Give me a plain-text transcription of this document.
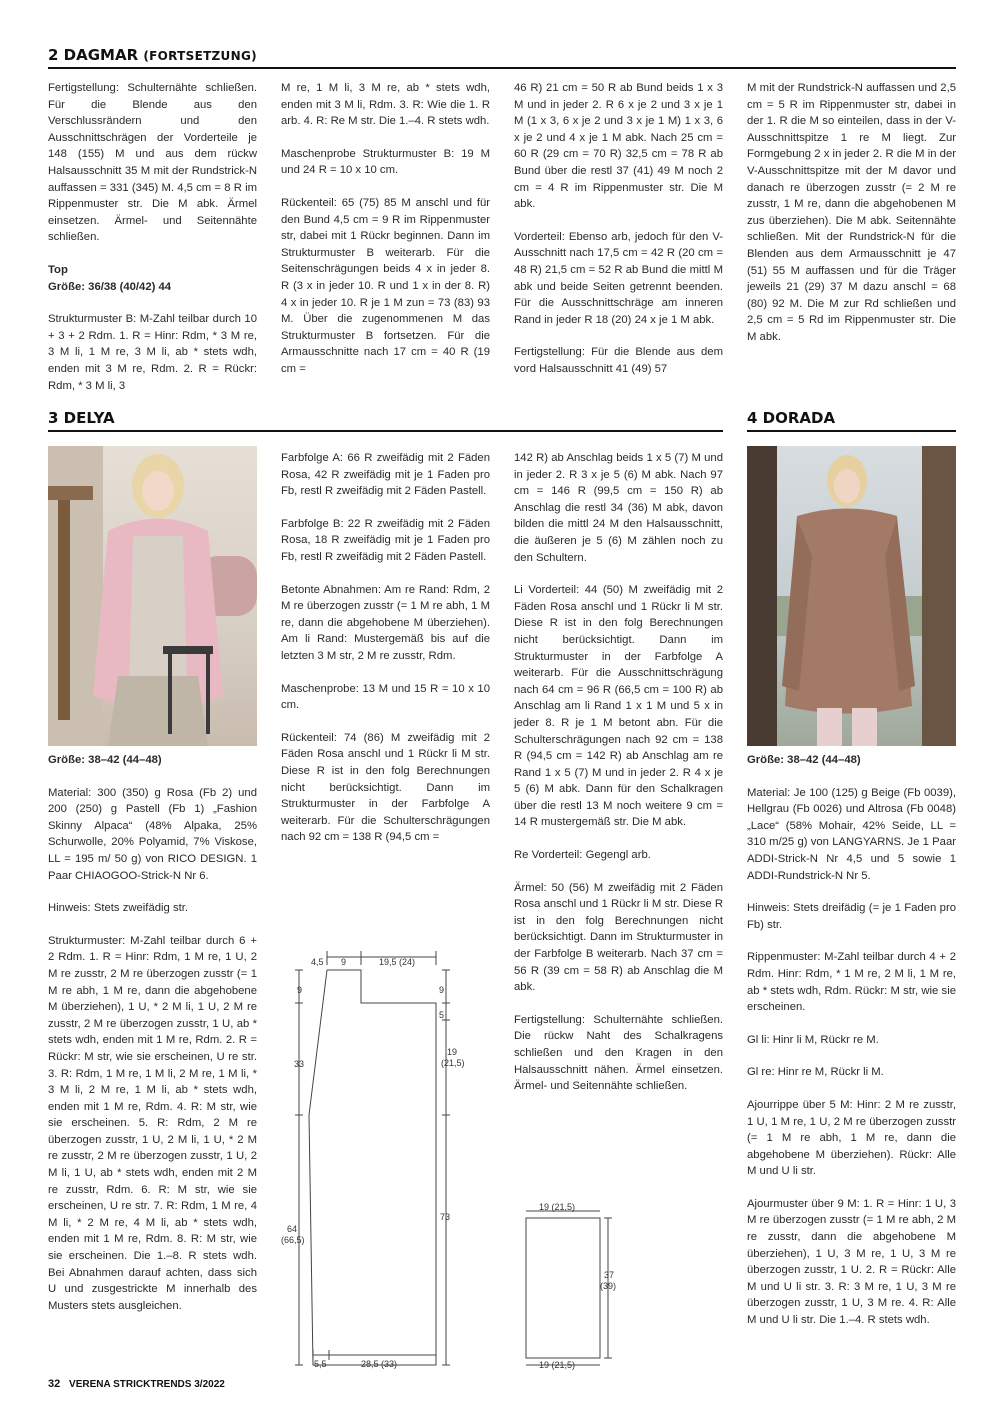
2 DAGMAR (FORTSETZUNG)

Fertigstellung: Schulternähte schließen. Für die Blende aus den Verschlussrändern und den Ausschnittschrägen der Vorderteile je 148 (155) M und aus dem rückw Halsausschnitt 35 M mit der Rundstrick-N auffassen = 331 (345) M. 4,5 cm = 8 R im Rippenmuster str. Die M abk. Ärmel einsetzen. Ärmel- und Seitennähte schließen.

Top

Größe: 36/38 (40/42) 44

Strukturmuster B: M-Zahl teilbar durch 10 + 3 + 2 Rdm. 1. R = Hinr: Rdm, * 3 M re, 3 M li, 1 M re, 3 M li, ab * stets wdh, enden mit 3 M re, Rdm. 2. R = Rückr: Rdm, * 3 M li, 3

M re, 1 M li, 3 M re, ab * stets wdh, enden mit 3 M li, Rdm. 3. R: Wie die 1. R arb. 4. R: Re M str. Die 1.–4. R stets wdh.

Maschenprobe Strukturmuster B: 19 M und 24 R = 10 x 10 cm.

Rückenteil: 65 (75) 85 M anschl und für den Bund 4,5 cm = 9 R im Rippenmuster str, dabei mit 1 Rückr beginnen. Dann im Strukturmuster B weiterarb. Für die Seitenschrägungen beids 4 x in jeder 8. R (3 x in jeder 10. R und 1 x in der 8. R) 4 x in jeder 10. R je 1 M zun = 73 (83) 93 M. Über die zugenommenen M das Strukturmuster B fortsetzen. Für die Armausschnitte nach 17 cm = 40 R (19 cm =

46 R) 21 cm = 50 R ab Bund beids 1 x 3 M und in jeder 2. R 6 x je 2 und 3 x je 1 M (1 x 3, 6 x je 2 und 3 x je 1 M) 1 x 3, 6 x je 2 und 4 x je 1 M abk. Nach 25 cm = 60 R (29 cm = 70 R) 32,5 cm = 78 R ab Bund über die restl 37 (41) 49 M noch 2 cm = 4 R im Rippenmuster str. Die M abk.

Vorderteil: Ebenso arb, jedoch für den V-Ausschnitt nach 17,5 cm = 42 R (20 cm = 48 R) 21,5 cm = 52 R ab Bund die mittl M abk und beide Seiten getrennt beenden. Für die Ausschnittschräge am inneren Rand in jeder R 18 (20) 24 x je 1 M abk.

Fertigstellung: Für die Blende aus dem vord Halsausschnitt 41 (49) 57

M mit der Rundstrick-N auffassen und 2,5 cm = 5 R im Rippenmuster str, dabei in der 1. R die M so einteilen, dass in der V-Ausschnittspitze 1 re M liegt. Zur Formgebung 2 x in jeder 2. R die M in der V-Ausschnittspitze mit der M davor und danach re überzogen zusstr (= 2 M re zusstr, 1 M re, dann die abgehobenen M zus überziehen). Die M abk. Seitennähte schließen. Mit der Rundstrick-N für die Blenden aus dem Armausschnitt je 47 (51) 55 M auffassen und für die Träger jeweils 21 (29) 37 M dazu anschl = 68 (80) 92 M. Die M zur Rd schließen und 2,5 cm = 5 Rd im Rippenmuster str. Die M abk.

3 DELYA	4 DORADA

Größe: 38–42 (44–48)

Material: 300 (350) g Rosa (Fb 2) und 200 (250) g Pastell (Fb 1) „Fashion Skinny Alpaca“ (48% Alpaka, 25% Schurwolle, 20% Polyamid, 7% Viskose, LL = 195 m/ 50 g) von RICO DESIGN. 1 Paar CHIAOGOO-Strick-N Nr 6.

Hinweis: Stets zweifädig str.

Strukturmuster: M-Zahl teilbar durch 6 + 2 Rdm. 1. R = Hinr: Rdm, 1 M re, 1 U, 2 M re zusstr, 2 M re überzogen zusstr (= 1 M re abh, 1 M re, dann die abgehobene M überziehen), 1 U, * 2 M li, 1 U, 2 M re zusstr, 2 M re überzogen zusstr, 1 U, ab * stets wdh, enden mit 1 M re, Rdm. 2. R = Rückr: M str, wie sie erscheinen, U re str. 3. R: Rdm, 1 M re, 1 M li, 2 M re, 1 M li, * 3 M li, 2 M re, 1 M li, ab * stets wdh, enden mit 1 M re, Rdm. 4. R: M str, wie sie erscheinen. 5. R: Rdm, 2 M re überzogen zusstr, 1 U, 2 M li, 1 U, * 2 M re zusstr, 2 M re überzogen zusstr, 1 U, 2 M li, 1 U, ab * stets wdh, enden mit 2 M re zusstr, Rdm. 6. R: M str, wie sie erscheinen, U re str. 7. R: Rdm, 1 M re, 4 M li, * 2 M re, 4 M li, ab * stets wdh, enden mit 1 M re, Rdm. 8. R: M str, wie sie erscheinen. Die 1.–8. R stets wdh. Bei Abnahmen darauf achten, dass sich U und zusgestrickte M innerhalb des Musters stets ausgleichen.

Farbfolge A: 66 R zweifädig mit 2 Fäden Rosa, 42 R zweifädig mit je 1 Faden pro Fb, restl R zweifädig mit 2 Fäden Pastell.

Farbfolge B: 22 R zweifädig mit 2 Fäden Rosa, 18 R zweifädig mit je 1 Faden pro Fb, restl R zweifädig mit 2 Fäden Pastell.

Betonte Abnahmen: Am re Rand: Rdm, 2 M re überzogen zusstr (= 1 M re abh, 1 M re, dann die abgehobene M überziehen). Am li Rand: Mustergemäß bis auf die letzten 3 M str, 2 M re zusstr, Rdm.

Maschenprobe: 13 M und 15 R = 10 x 10 cm.

Rückenteil: 74 (86) M zweifädig mit 2 Fäden Rosa anschl und 1 Rückr li M str. Diese R ist in den folg Berechnungen nicht berücksichtigt. Dann im Strukturmuster in der Farbfolge A weiterarb. Für die Schulterschrägungen nach 92 cm = 138 R (94,5 cm =

142 R) ab Anschlag beids 1 x 5 (7) M und in jeder 2. R 3 x je 5 (6) M abk. Nach 97 cm = 146 R (99,5 cm = 150 R) ab Anschlag die restl 34 (36) M abk, davon bilden die mittl 24 M den Halsausschnitt, die äußeren je 5 (6) M zählen noch zu den Schultern.

Li Vorderteil: 44 (50) M zweifädig mit 2 Fäden Rosa anschl und 1 Rückr li M str. Diese R ist in den folg Berechnungen nicht berücksichtigt. Dann im Strukturmuster in der Farbfolge A weiterarb. Für die Ausschnittschrägung nach 64 cm = 96 R (66,5 cm = 100 R) ab Anschlag am li Rand 1 x 1 M und 5 x in jeder 8. R je 1 M betont abn. Für die Schulterschrägungen nach 92 cm = 138 R (94,5 cm = 142 R) ab Anschlag am re Rand 1 x 5 (7) M und in jeder 2. R 4 x je 5 (6) M abk. Dann für den Schalkragen über die restl 13 M noch weitere 9 cm = 14 R mustergemäß str. Die M abk.

Re Vorderteil: Gegengl arb.

Ärmel: 50 (56) M zweifädig mit 2 Fäden Rosa anschl und 1 Rückr li M str. Diese R ist in den folg Berechnungen nicht berücksichtigt. Dann im Strukturmuster in der Farbfolge B weiterarb. Nach 37 cm = 56 R (39 cm = 58 R) ab Anschlag die M abk.

Fertigstellung: Schulternähte schließen. Die rückw Naht des Schalkragens schließen und den Kragen in den Halsausschnitt nähen. Ärmel einsetzen. Ärmel- und Seitennähte schließen.

4,5 9	19,5 (24)
9	9
5
33
19
(21,5)
73
64
(66,5)
5,5	28,5 (33)
19 (21,5)
19 (21,5)
37
(39)

Größe: 38–42 (44–48)

Material: Je 100 (125) g Beige (Fb 0039), Hellgrau (Fb 0026) und Altrosa (Fb 0048) „Lace“ (58% Mohair, 42% Seide, LL = 310 m/25 g) von LANGYARNS. Je 1 Paar ADDI-Strick-N Nr 4,5 und 5 sowie 1 ADDI-Rundstrick-N Nr 5.

Hinweis: Stets dreifädig (= je 1 Faden pro Fb) str.

Rippenmuster: M-Zahl teilbar durch 4 + 2 Rdm. Hinr: Rdm, * 1 M re, 2 M li, 1 M re, ab * stets wdh, Rdm. Rückr: M str, wie sie erscheinen.

Gl li: Hinr li M, Rückr re M.

Gl re: Hinr re M, Rückr li M.

Ajourrippe über 5 M: Hinr: 2 M re zusstr, 1 U, 1 M re, 1 U, 2 M re überzogen zusstr (= 1 M re abh, 1 M re, dann die abgehobene M überziehen). Rückr: Alle M und U li str.

Ajourmuster über 9 M: 1. R = Hinr: 1 U, 3 M re überzogen zusstr (= 1 M re abh, 2 M re zusstr, dann die abgehobene M überziehen), 1 U, 3 M re, 1 U, 3 M re überzogen zusstr, 1 U. 2. R = Rückr: Alle M und U li str. 3. R: 3 M re, 1 U, 3 M re überzogen zusstr, 1 U, 3 M re. 4. R: Alle M und U li str. Die 1.–4. R stets wdh.

32 VERENA STRICKTRENDS 3/2022
